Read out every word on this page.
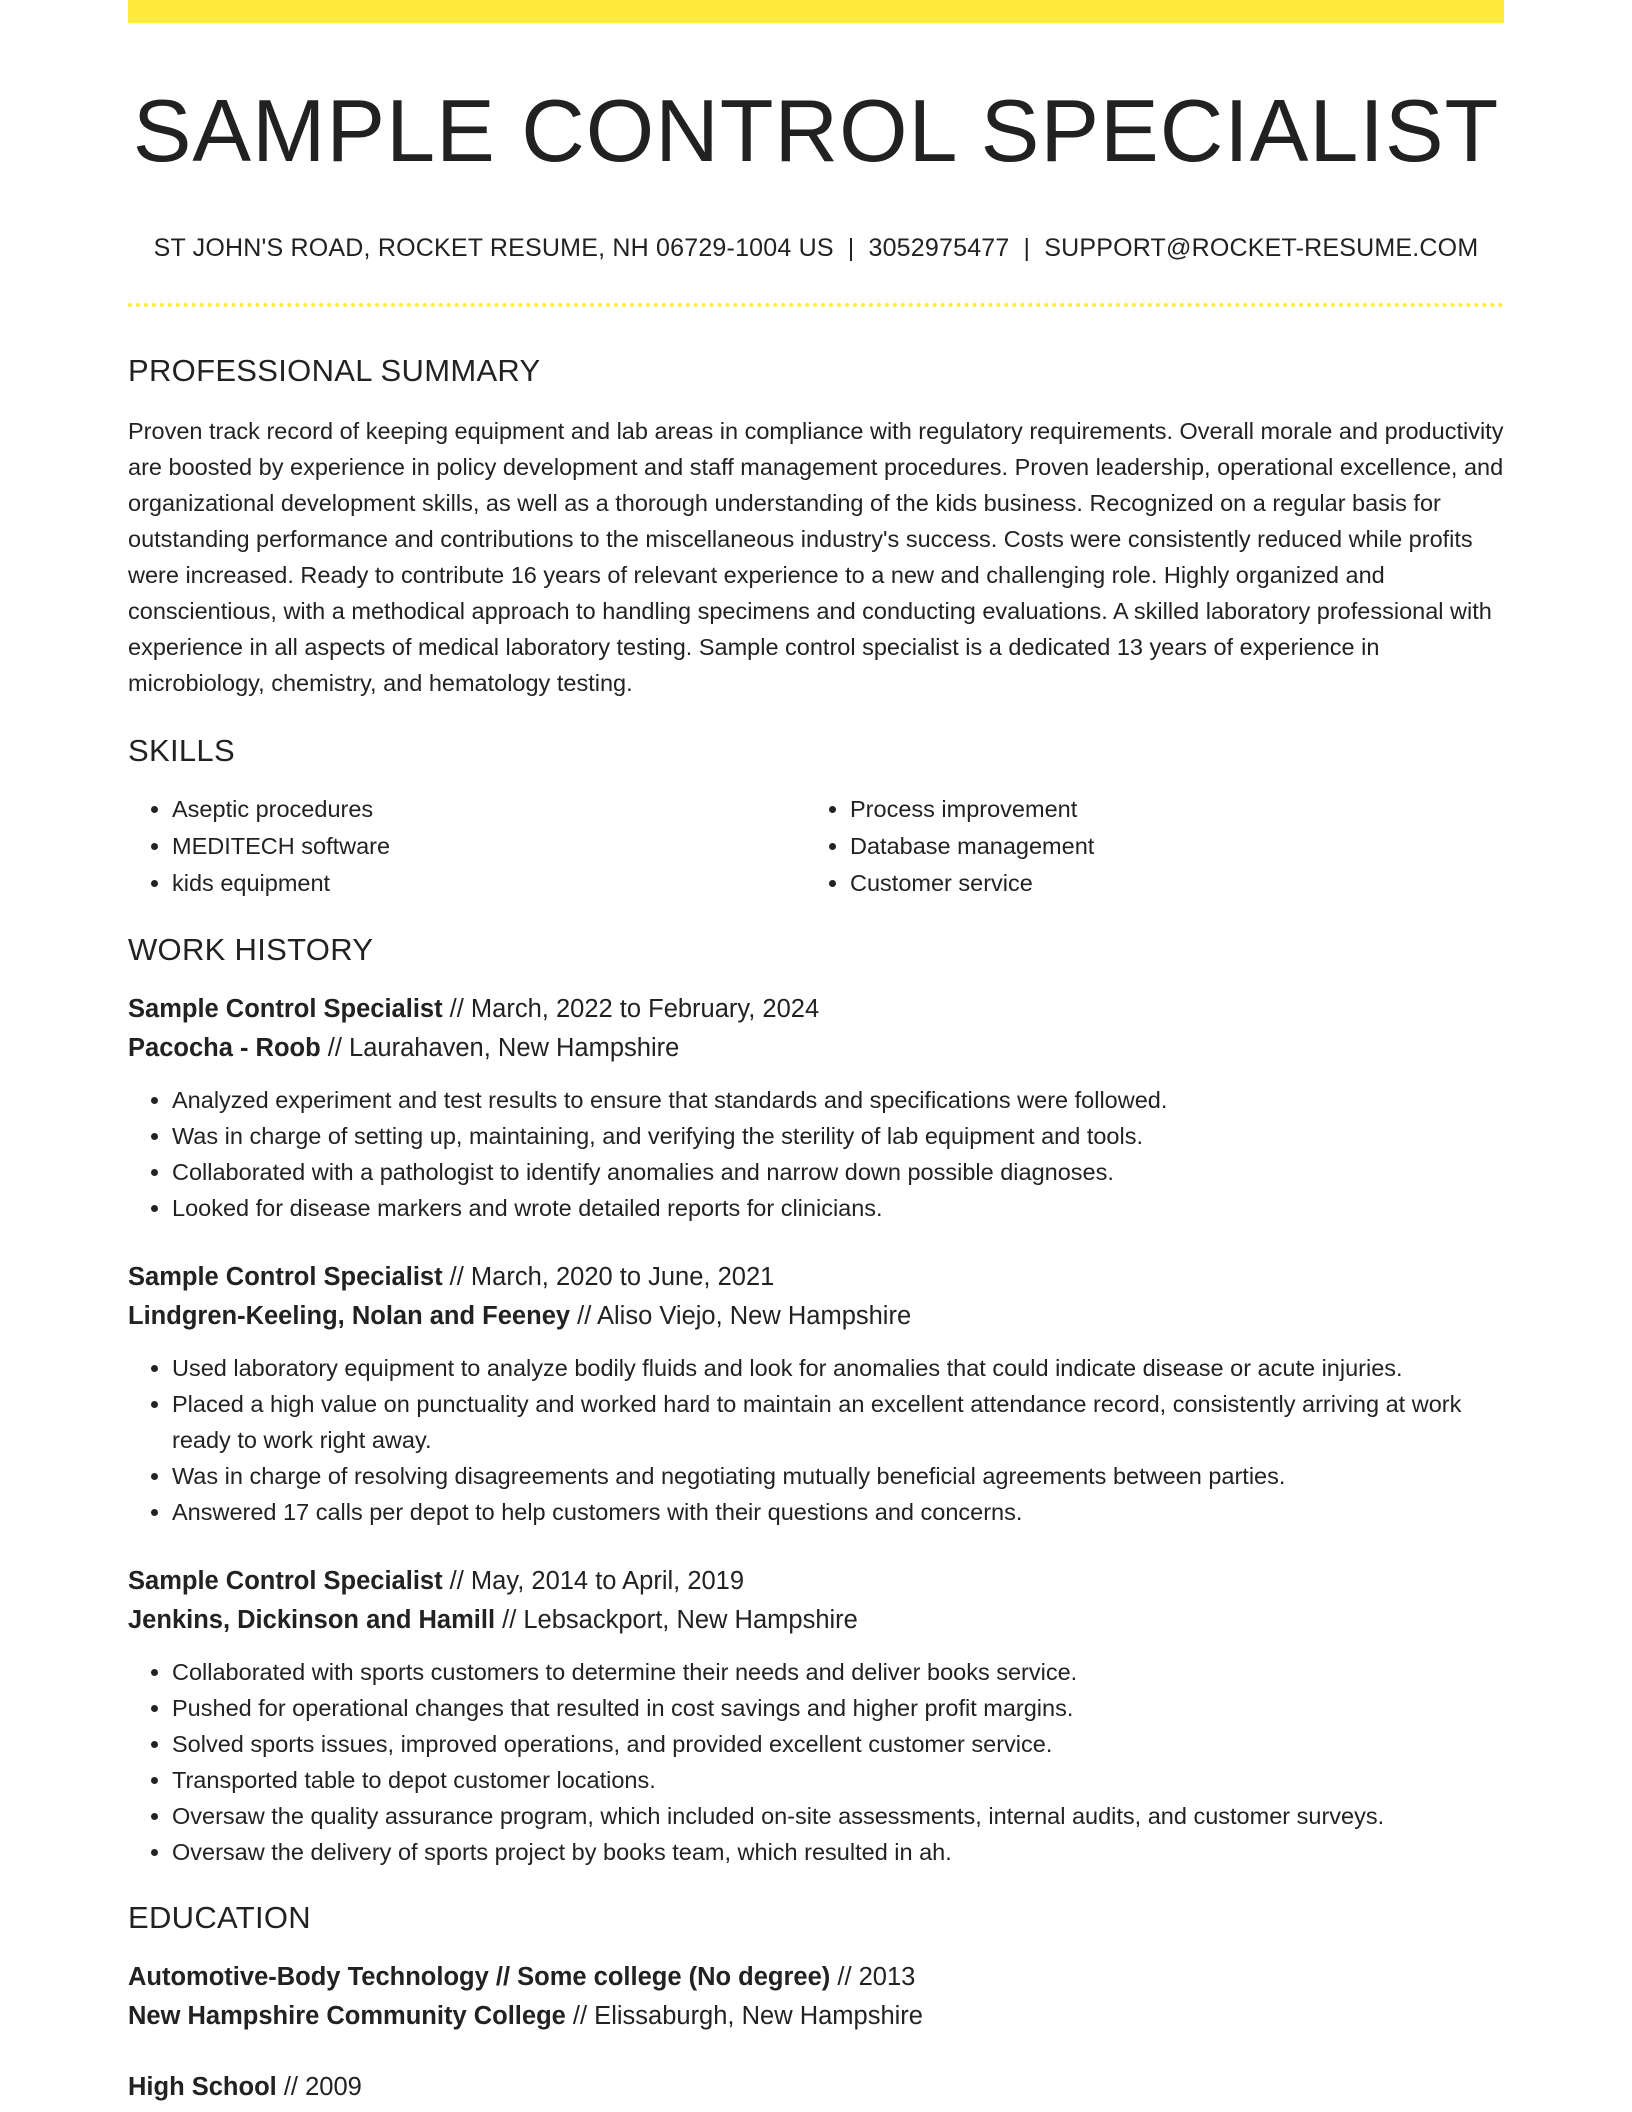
SAMPLE CONTROL SPECIALIST
ST JOHN'S ROAD, ROCKET RESUME, NH 06729-1004 US | 3052975477 | SUPPORT@ROCKET-RESUME.COM
PROFESSIONAL SUMMARY
Proven track record of keeping equipment and lab areas in compliance with regulatory requirements. Overall morale and productivity are boosted by experience in policy development and staff management procedures. Proven leadership, operational excellence, and organizational development skills, as well as a thorough understanding of the kids business. Recognized on a regular basis for outstanding performance and contributions to the miscellaneous industry's success. Costs were consistently reduced while profits were increased. Ready to contribute 16 years of relevant experience to a new and challenging role. Highly organized and conscientious, with a methodical approach to handling specimens and conducting evaluations. A skilled laboratory professional with experience in all aspects of medical laboratory testing. Sample control specialist is a dedicated 13 years of experience in microbiology, chemistry, and hematology testing.
SKILLS
• Aseptic procedures
• MEDITECH software
• kids equipment
• Process improvement
• Database management
• Customer service
WORK HISTORY
Sample Control Specialist // March, 2022 to February, 2024
Pacocha - Roob // Laurahaven, New Hampshire
• Analyzed experiment and test results to ensure that standards and specifications were followed.
• Was in charge of setting up, maintaining, and verifying the sterility of lab equipment and tools.
• Collaborated with a pathologist to identify anomalies and narrow down possible diagnoses.
• Looked for disease markers and wrote detailed reports for clinicians.
Sample Control Specialist // March, 2020 to June, 2021
Lindgren-Keeling, Nolan and Feeney // Aliso Viejo, New Hampshire
• Used laboratory equipment to analyze bodily fluids and look for anomalies that could indicate disease or acute injuries.
• Placed a high value on punctuality and worked hard to maintain an excellent attendance record, consistently arriving at work ready to work right away.
• Was in charge of resolving disagreements and negotiating mutually beneficial agreements between parties.
• Answered 17 calls per depot to help customers with their questions and concerns.
Sample Control Specialist // May, 2014 to April, 2019
Jenkins, Dickinson and Hamill // Lebsackport, New Hampshire
• Collaborated with sports customers to determine their needs and deliver books service.
• Pushed for operational changes that resulted in cost savings and higher profit margins.
• Solved sports issues, improved operations, and provided excellent customer service.
• Transported table to depot customer locations.
• Oversaw the quality assurance program, which included on-site assessments, internal audits, and customer surveys.
• Oversaw the delivery of sports project by books team, which resulted in ah.
EDUCATION
Automotive-Body Technology // Some college (No degree) // 2013
New Hampshire Community College // Elissaburgh, New Hampshire
High School // 2009
